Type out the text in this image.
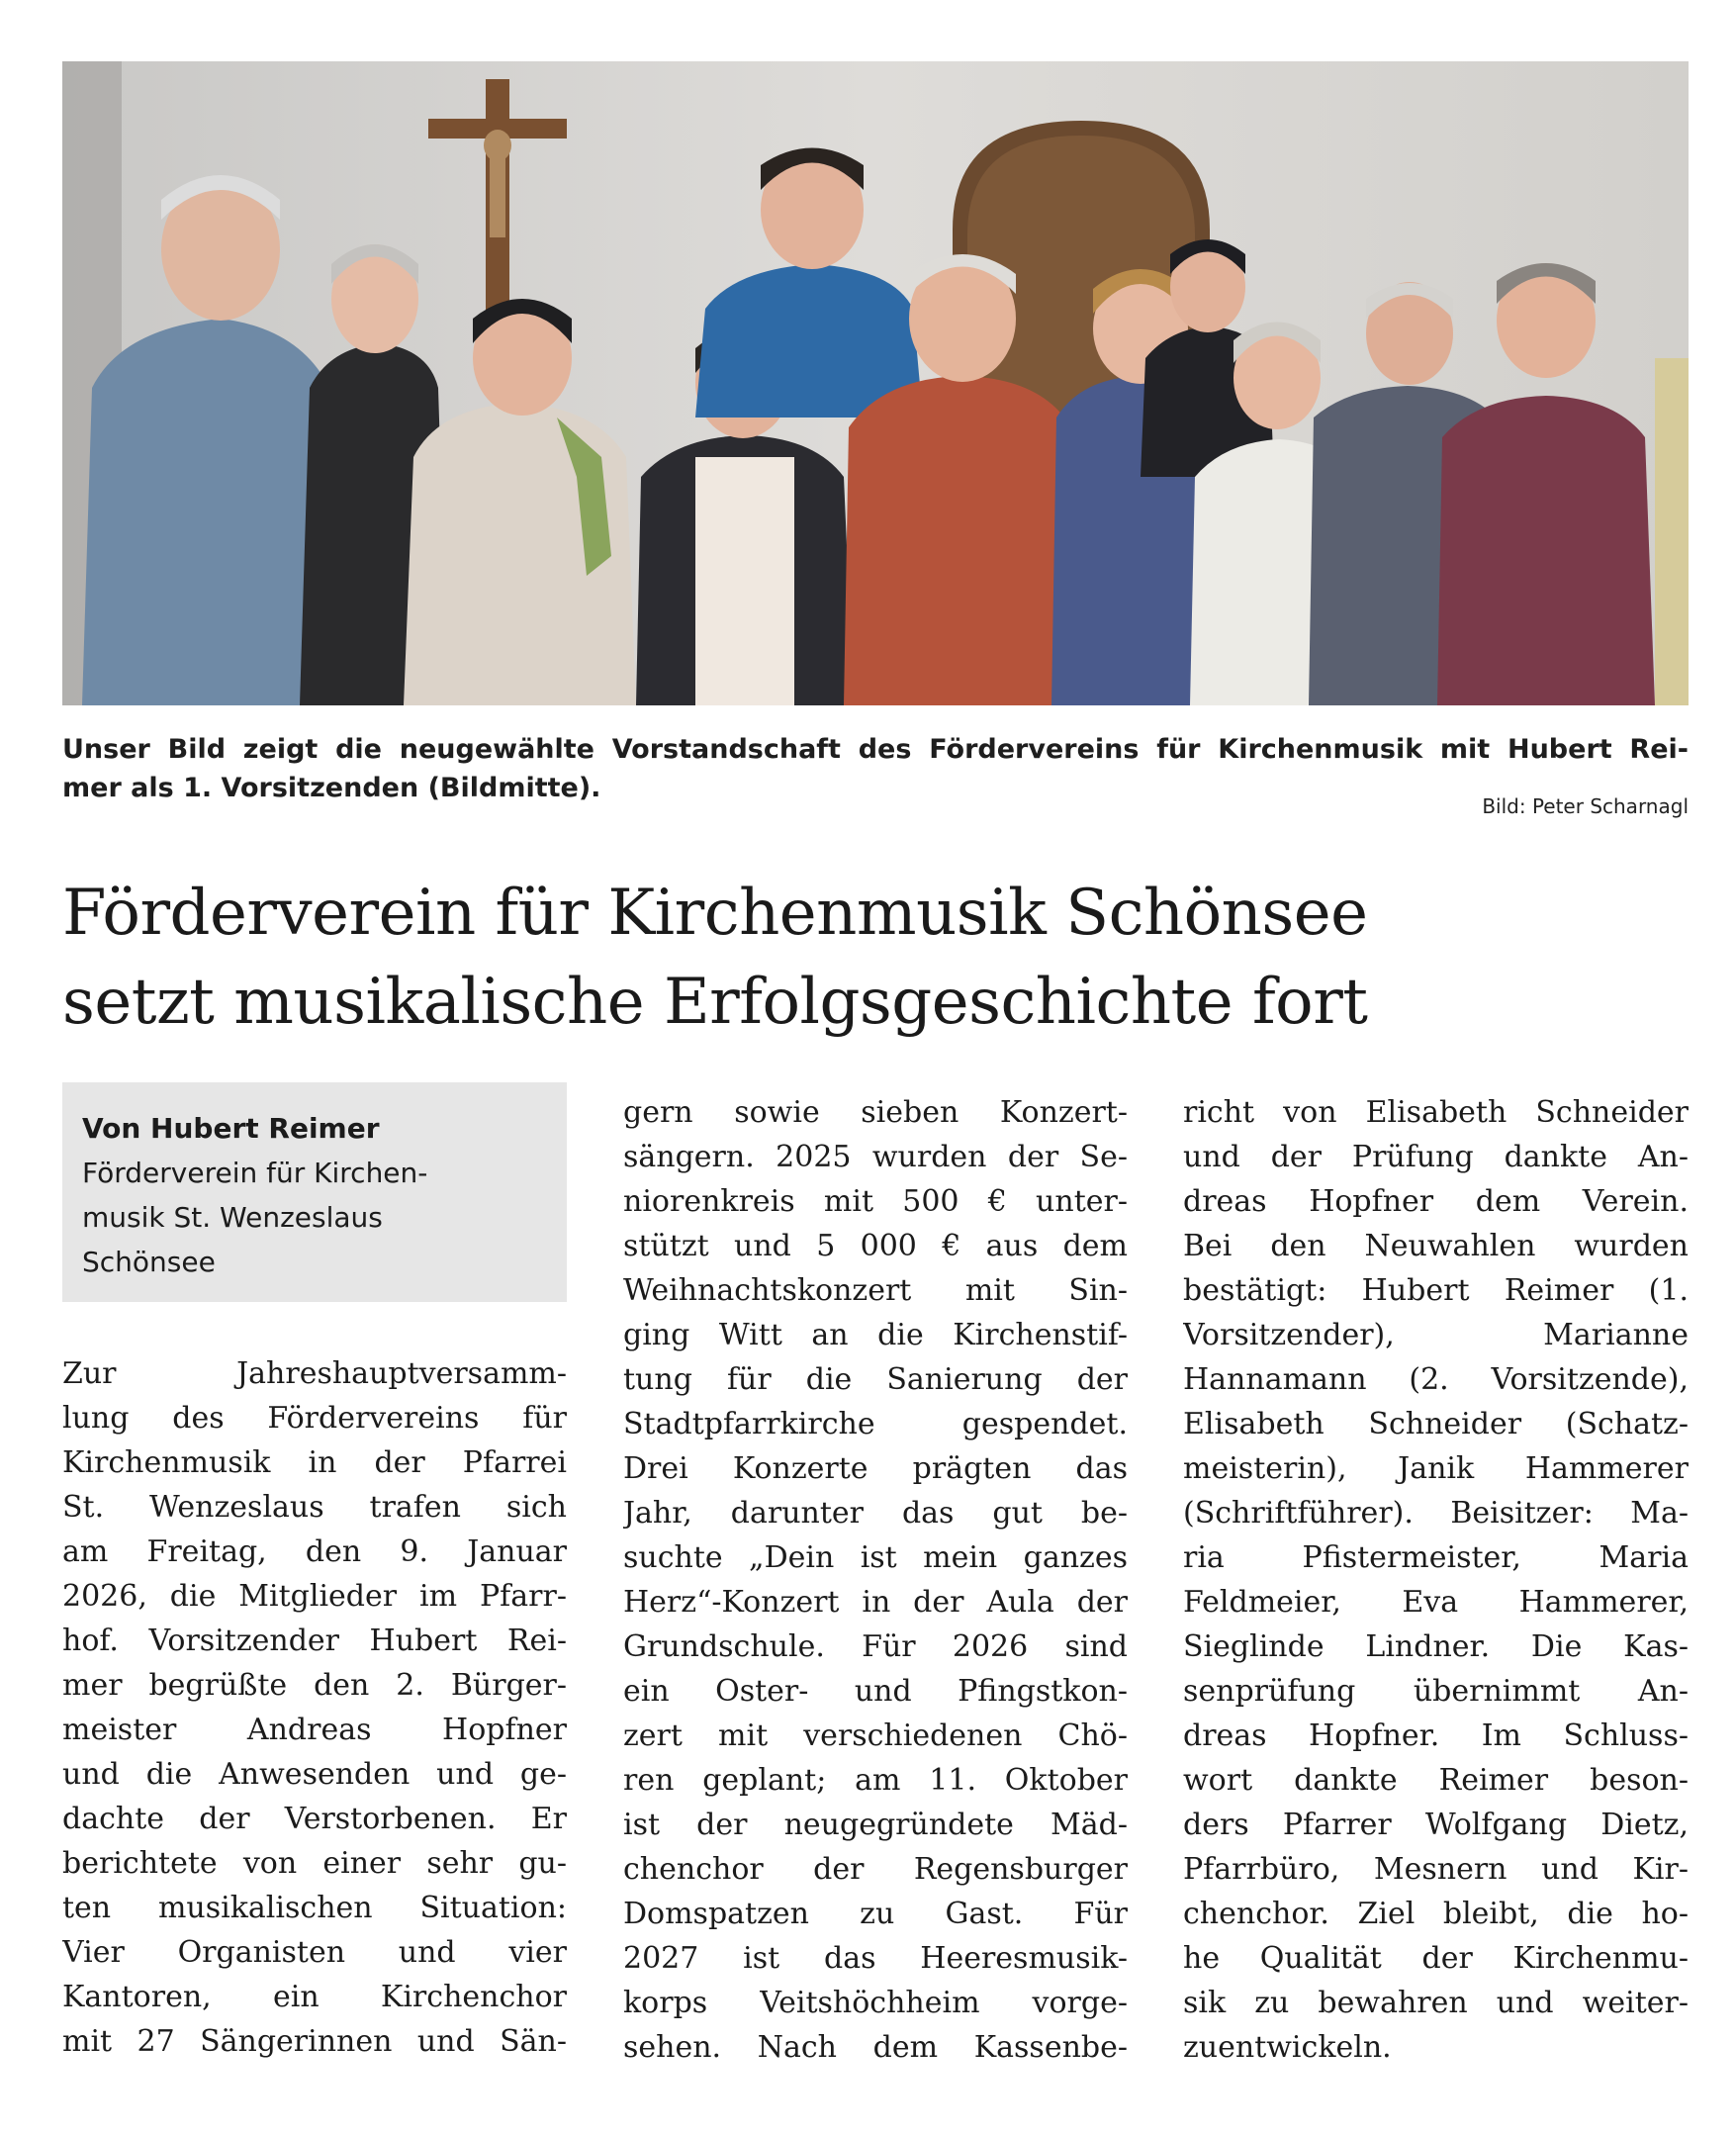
Unser Bild zeigt die neugewählte Vorstandschaft des Fördervereins für Kirchenmusik mit Hubert Rei-
mer als 1. Vorsitzenden (Bildmitte).
Bild: Peter Scharnagl
Förderverein für Kirchenmusik Schönsee
setzt musikalische Erfolgsgeschichte fort
Von Hubert Reimer
Förderverein für Kirchen-
musik St. Wenzeslaus
Schönsee
Zur Jahreshauptversamm-
lung des Fördervereins für
Kirchenmusik in der Pfarrei
St. Wenzeslaus trafen sich
am Freitag, den 9. Januar
2026, die Mitglieder im Pfarr-
hof. Vorsitzender Hubert Rei-
mer begrüßte den 2. Bürger-
meister Andreas Hopfner
und die Anwesenden und ge-
dachte der Verstorbenen. Er
berichtete von einer sehr gu-
ten musikalischen Situation:
Vier Organisten und vier
Kantoren, ein Kirchenchor
mit 27 Sängerinnen und Sän-
gern sowie sieben Konzert-
sängern. 2025 wurden der Se-
niorenkreis mit 500 € unter-
stützt und 5 000 € aus dem
Weihnachtskonzert mit Sin-
ging Witt an die Kirchenstif-
tung für die Sanierung der
Stadtpfarrkirche gespendet.
Drei Konzerte prägten das
Jahr, darunter das gut be-
suchte „Dein ist mein ganzes
Herz“-Konzert in der Aula der
Grundschule. Für 2026 sind
ein Oster- und Pfingstkon-
zert mit verschiedenen Chö-
ren geplant; am 11. Oktober
ist der neugegründete Mäd-
chenchor der Regensburger
Domspatzen zu Gast. Für
2027 ist das Heeresmusik-
korps Veitshöchheim vorge-
sehen. Nach dem Kassenbe-
richt von Elisabeth Schneider
und der Prüfung dankte An-
dreas Hopfner dem Verein.
Bei den Neuwahlen wurden
bestätigt: Hubert Reimer (1.
Vorsitzender), Marianne
Hannamann (2. Vorsitzende),
Elisabeth Schneider (Schatz-
meisterin), Janik Hammerer
(Schriftführer). Beisitzer: Ma-
ria Pfistermeister, Maria
Feldmeier, Eva Hammerer,
Sieglinde Lindner. Die Kas-
senprüfung übernimmt An-
dreas Hopfner. Im Schluss-
wort dankte Reimer beson-
ders Pfarrer Wolfgang Dietz,
Pfarrbüro, Mesnern und Kir-
chenchor. Ziel bleibt, die ho-
he Qualität der Kirchenmu-
sik zu bewahren und weiter-
zuentwickeln.
